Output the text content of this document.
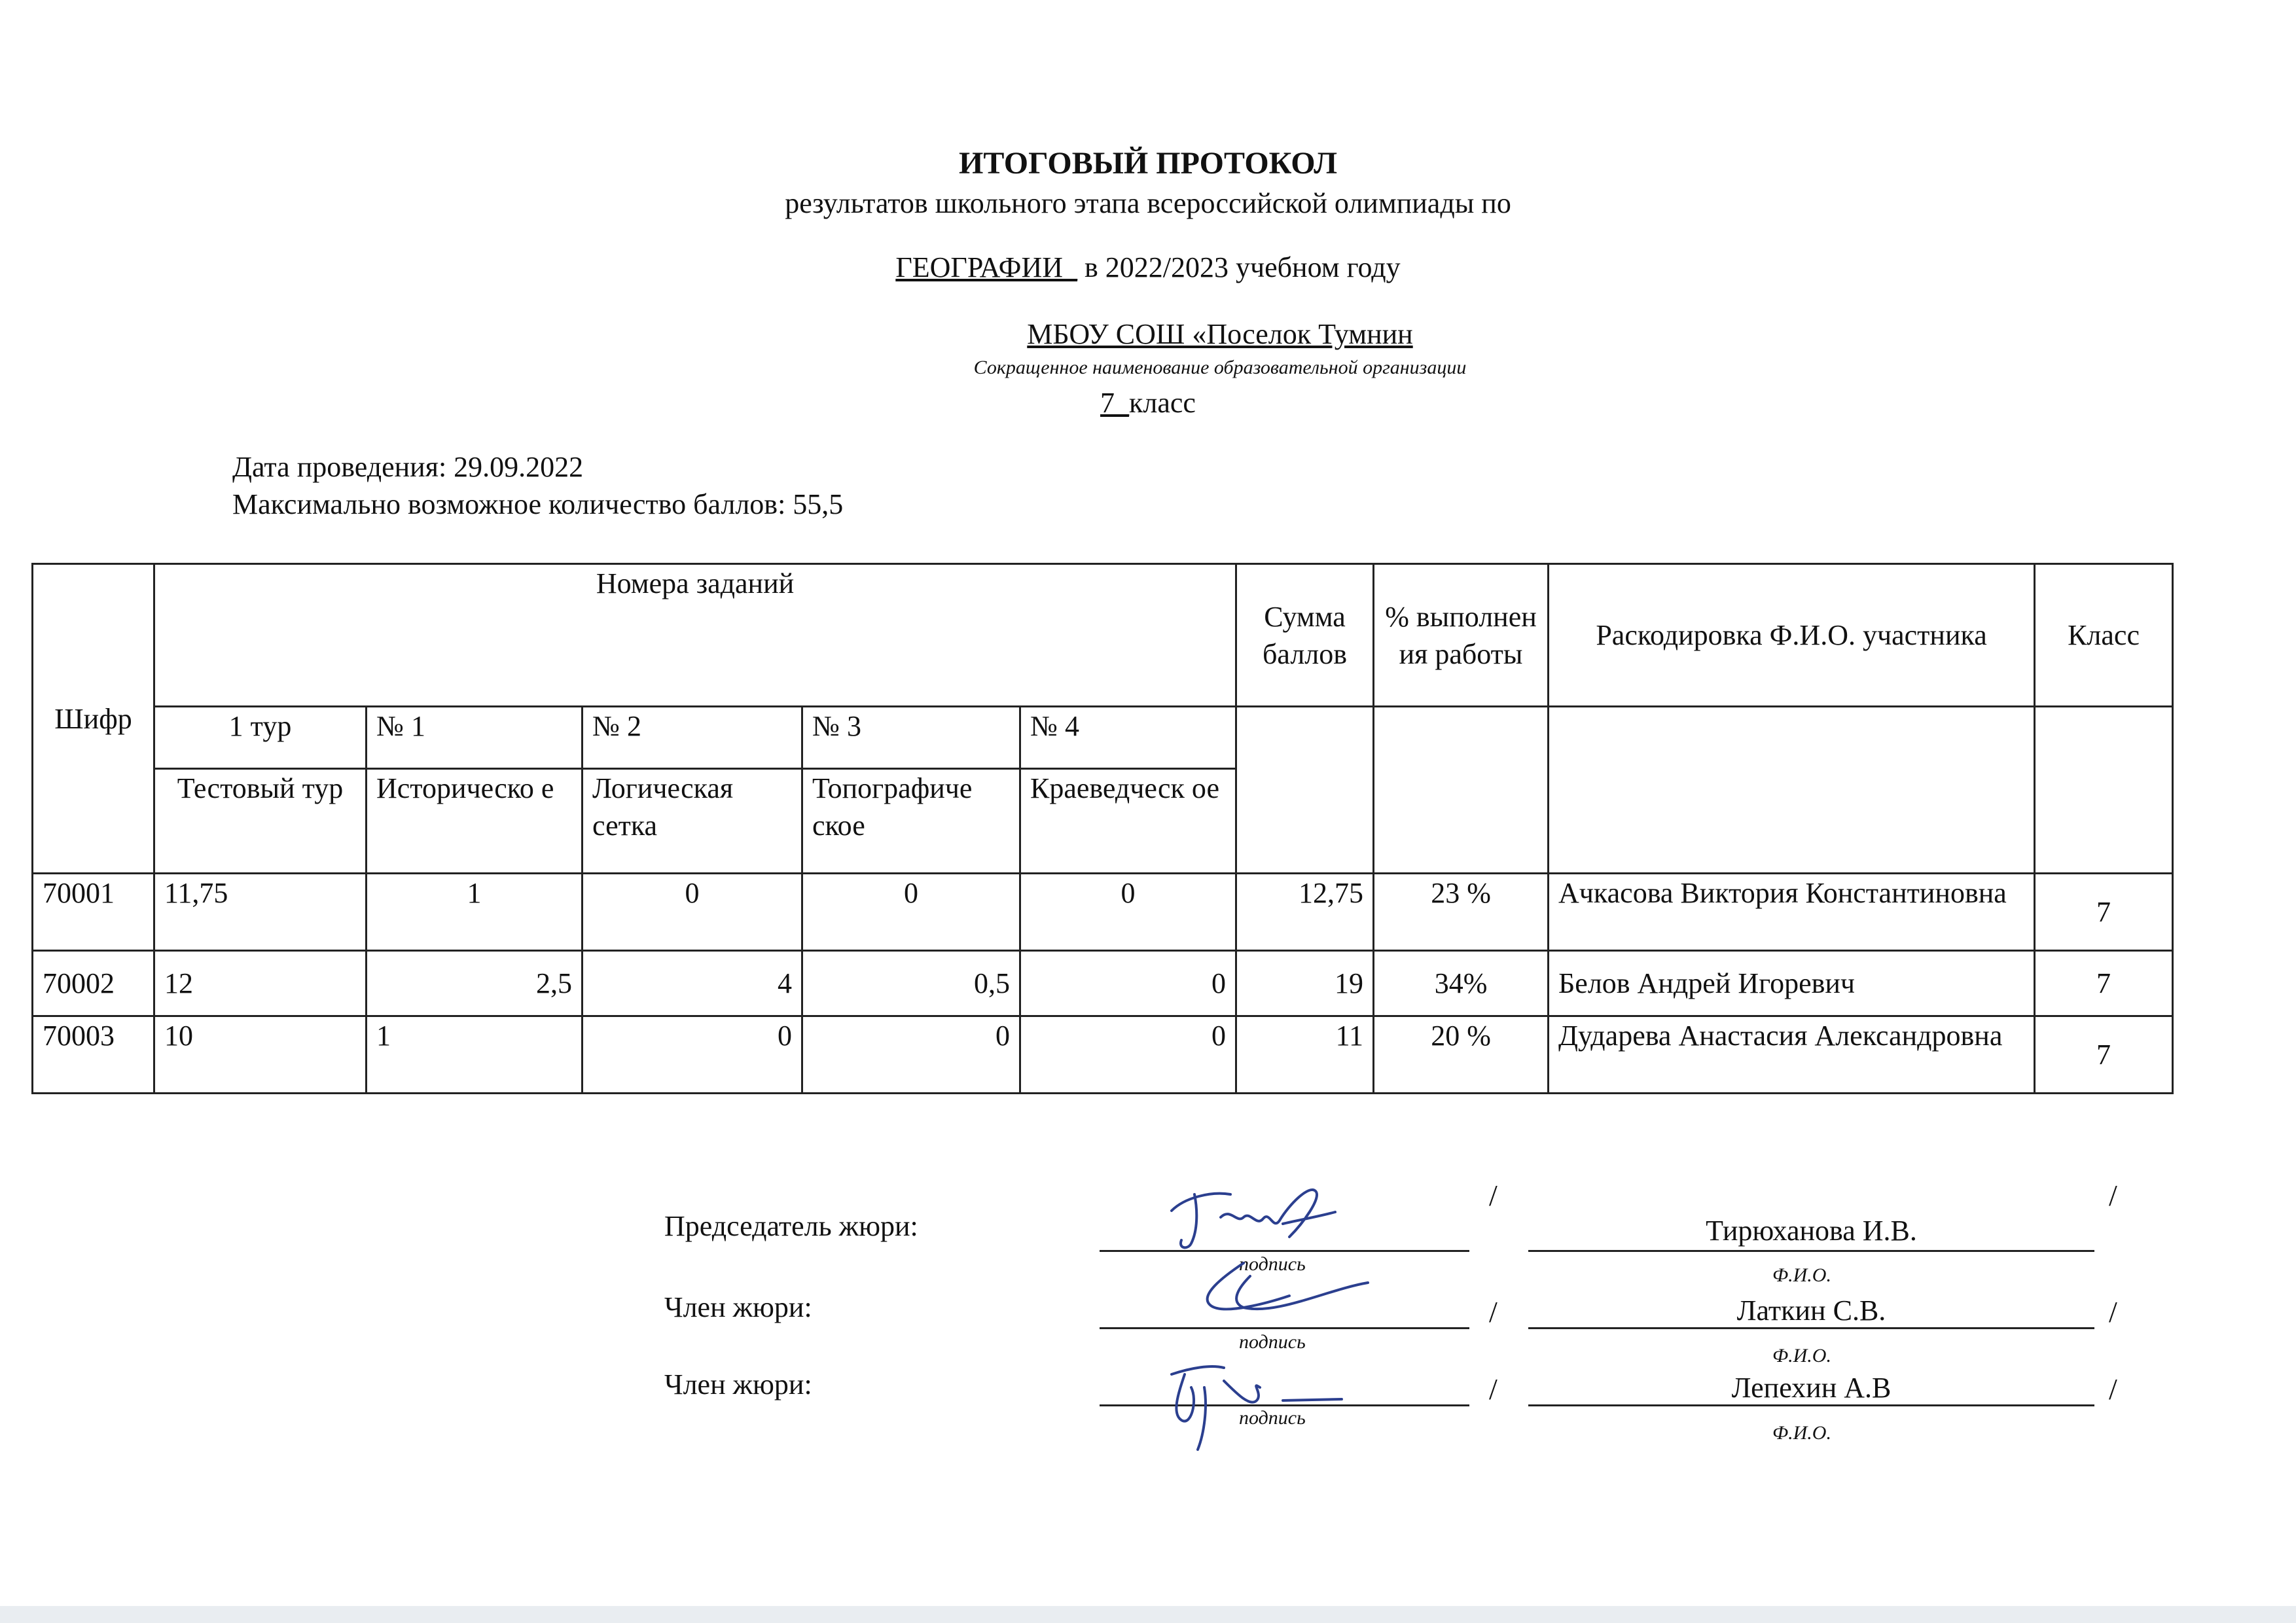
ИТОГОВЫЙ ПРОТОКОЛ
результатов школьного этапа всероссийской олимпиады по
ГЕОГРАФИИ_ в 2022/2023 учебном году
МБОУ СОШ «Поселок Тумнин
Сокращенное наименование образовательной организации
7_класс
Дата проведения: 29.09.2022
Максимально возможное количество баллов: 55,5
Шифр	Номера заданий					Сумма баллов	% выполнен ия работы	Раскодировка Ф.И.О. участника	Класс
	1 тур	№ 1	№ 2	№ 3	№ 4				
	Тестовый тур	Историческо е	Логическая сетка	Топографиче ское	Краеведческ ое				
70001	11,75	1	0	0	0	12,75	23 %	Ачкасова Виктория Константиновна	7
70002	12	2,5	4	0,5	0	19	34%	Белов Андрей Игоревич	7
70003	10	1	0	0	0	11	20 %	Дударева Анастасия Александровна	7
Председатель жюри:
/
Тирюханова И.В.
/
подпись
Ф.И.О.
Член жюри:	/	Латкин С.В.	/
подпись
Ф.И.О.
Член жюри:	/	Лепехин А.В	/
подпись
Ф.И.О.
